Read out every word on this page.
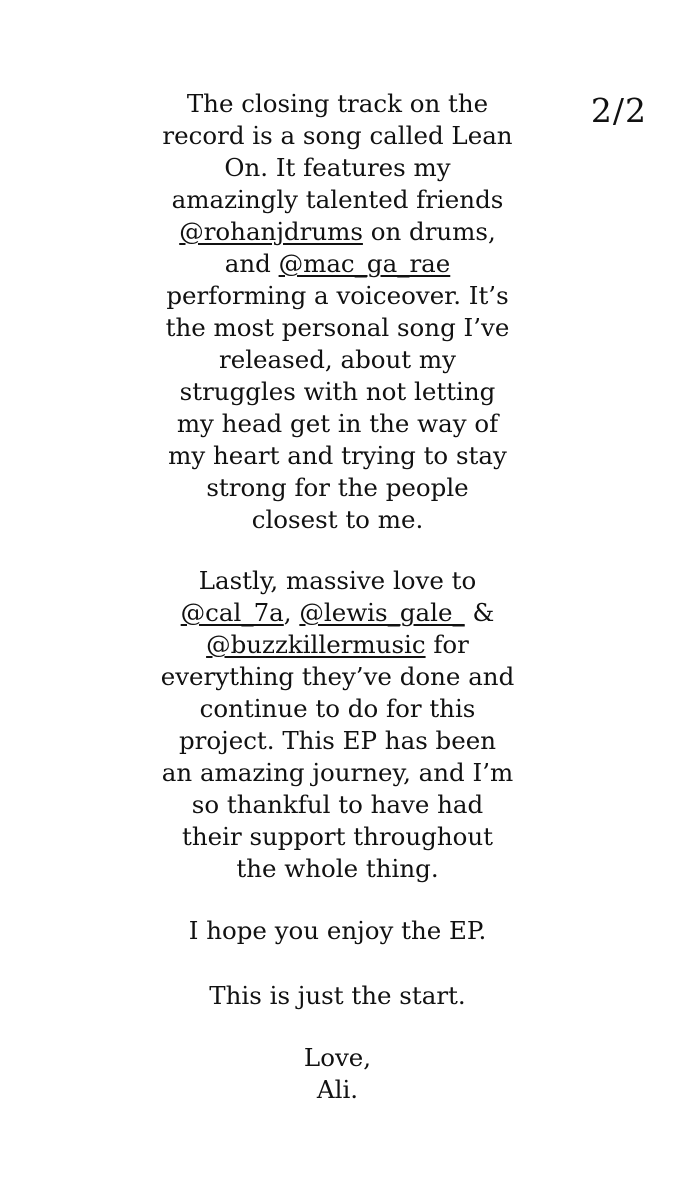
2/2

The closing track on the
record is a song called Lean
On. It features my
amazingly talented friends
@rohanjdrums on drums,
and @mac_ga_rae
performing a voiceover. It’s
the most personal song I’ve
released, about my
struggles with not letting
my head get in the way of
my heart and trying to stay
strong for the people
closest to me.

Lastly, massive love to
@cal_7a, @lewis_gale_ &
@buzzkillermusic for
everything they’ve done and
continue to do for this
project. This EP has been
an amazing journey, and I’m
so thankful to have had
their support throughout
the whole thing.

I hope you enjoy the EP.

This is just the start.

Love,
Ali.
